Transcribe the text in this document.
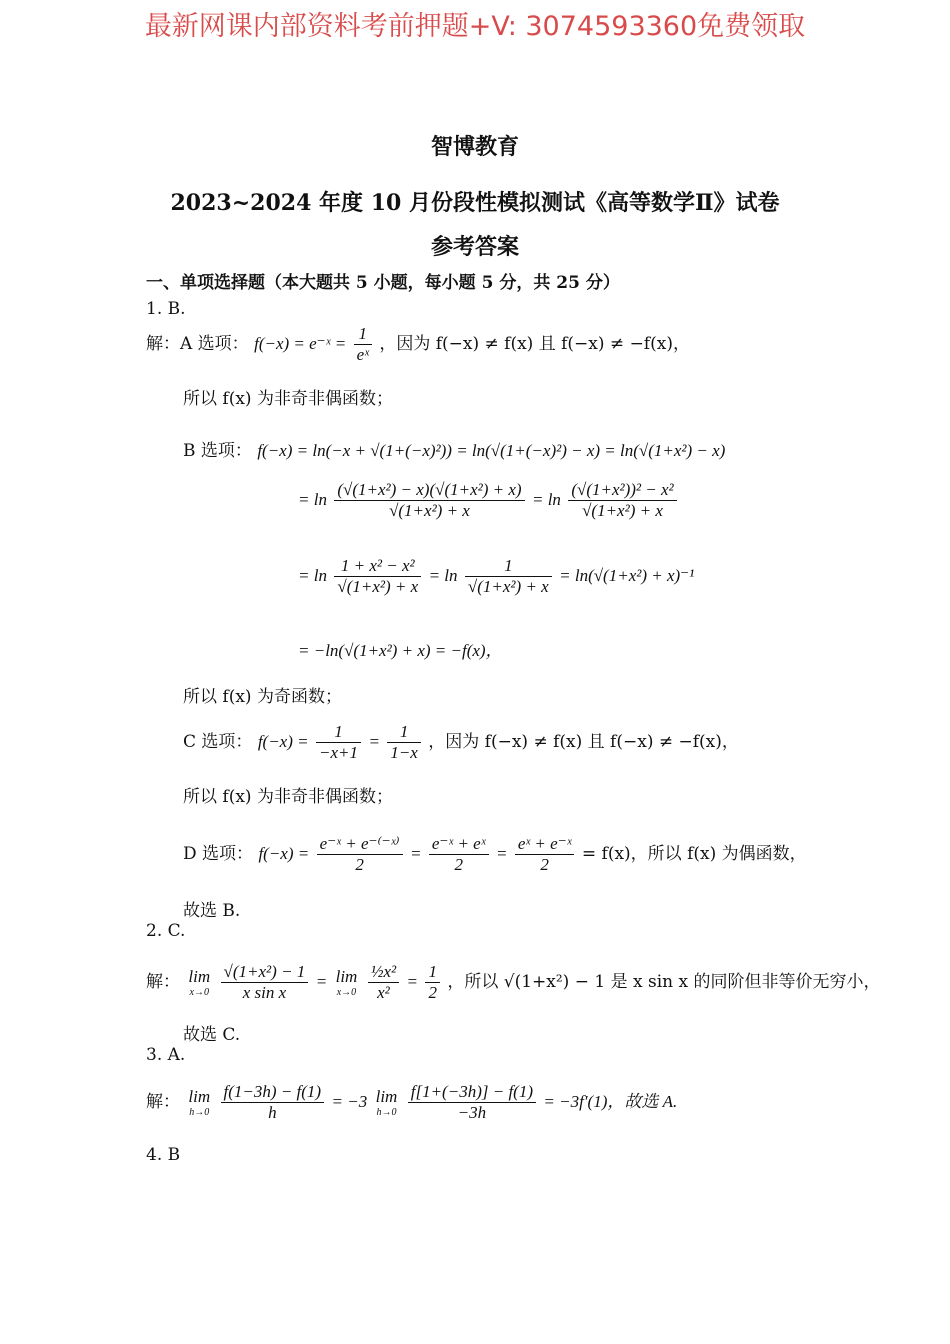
最新网课内部资料考前押题+V: 3074593360免费领取
智博教育
2023~2024 年度 10 月份段性模拟测试《高等数学Ⅱ》试卷
参考答案
一、单项选择题（本大题共 5 小题，每小题 5 分，共 25 分）
1. B.
解：A 选项： f(−x) = e⁻ˣ = $\frac{1}{\text{eˣ}}$ ，因为 f(−x) ≠ f(x) 且 f(−x) ≠ −f(x)，
所以 f(x) 为非奇非偶函数；
B 选项： f(−x) = ln(−x + √(1+(−x)²)) = ln(√(1+(−x)²) − x) = ln(√(1+x²) − x)
= $\ln \frac{\text{(√(1+x²) − x)(√(1+x²) + x)}}{\text{√(1+x²) + x}} = \ln \frac{\text{(√(1+x²))² − x²}}{\text{√(1+x²) + x}}$
= $\ln \frac{\text{1 + x² − x²}}{\text{√(1+x²) + x}} = \ln \frac{1}{\text{√(1+x²) + x}} = \ln(√(1+x^2) + x)^{-1}$
= −ln(√(1+x²) + x) = −f(x)，
所以 f(x) 为奇函数；
C 选项： $f(-x) = \frac{1}{-x+1} = \frac{1}{1-x}$ ，因为 f(−x) ≠ f(x) 且 f(−x) ≠ −f(x)，
所以 f(x) 为非奇非偶函数；
D 选项： $f(-x) = \frac{\text{e⁻ˣ + e⁻⁽⁻ˣ⁾}}{2} = \frac{\text{e⁻ˣ + eˣ}}{2} = \frac{\text{eˣ + e⁻ˣ}}{2} = f(x)$，所以 f(x) 为偶函数，
故选 B.
2. C.
解： lim
x→0
$\frac{\text{√(1+x²) − 1}}{\text{x sin x}} = \lim$
x→0
$\frac{\text{½x²}}{\text{x²}} = \frac{1}{2}$ ，所以 √(1+x²) − 1 是 x sin x 的同阶但非等价无穷小，
故选 C.
3. A.
解： lim
h→0
$\frac{f(1-3h) - f(1)}{h} = -3$ lim
h→0
$\frac{f[1+(-3h)] - f(1)}{-3h} = -3f'(1)$，故选 A.
4. B
